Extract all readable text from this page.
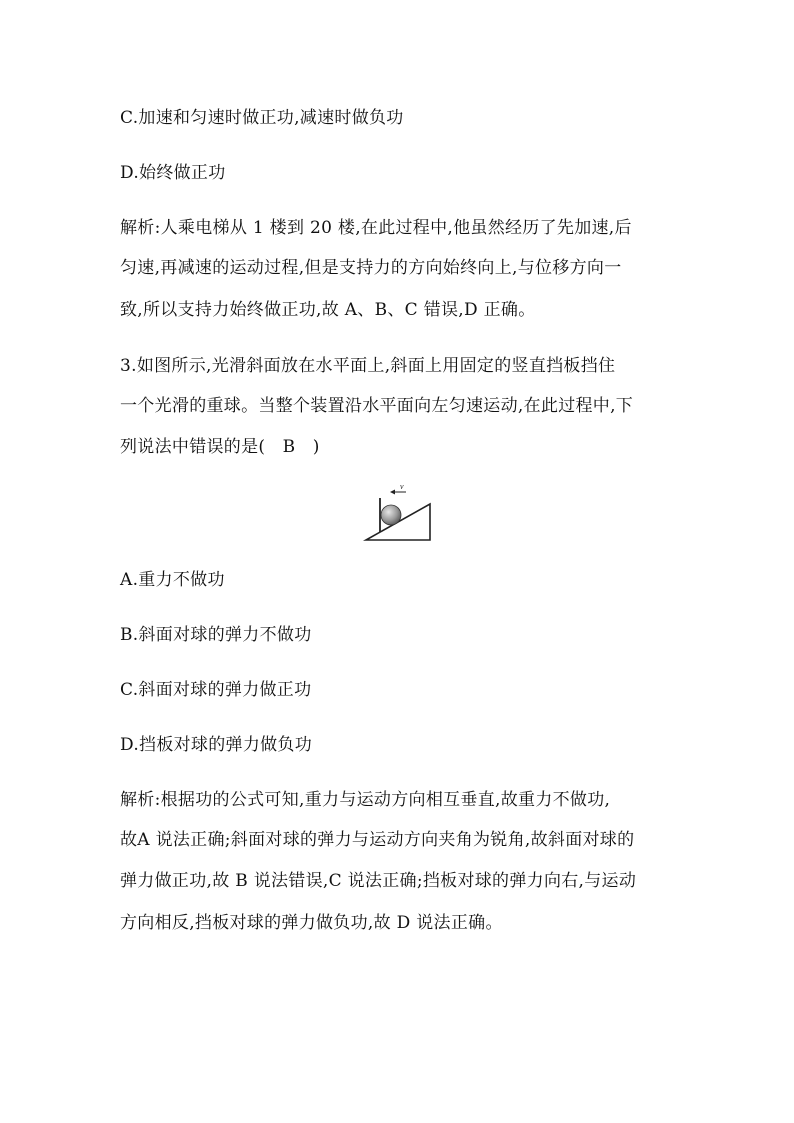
C.加速和匀速时做正功,减速时做负功
D.始终做正功
解析:人乘电梯从 1 楼到 20 楼,在此过程中,他虽然经历了先加速,后
匀速,再减速的运动过程,但是支持力的方向始终向上,与位移方向一
致,所以支持力始终做正功,故 A、B、C 错误,D 正确。
3.如图所示,光滑斜面放在水平面上,斜面上用固定的竖直挡板挡住
一个光滑的重球。当整个装置沿水平面向左匀速运动,在此过程中,下
列说法中错误的是(　B　)
v
A.重力不做功
B.斜面对球的弹力不做功
C.斜面对球的弹力做正功
D.挡板对球的弹力做负功
解析:根据功的公式可知,重力与运动方向相互垂直,故重力不做功,
故A 说法正确;斜面对球的弹力与运动方向夹角为锐角,故斜面对球的
弹力做正功,故 B 说法错误,C 说法正确;挡板对球的弹力向右,与运动
方向相反,挡板对球的弹力做负功,故 D 说法正确。
